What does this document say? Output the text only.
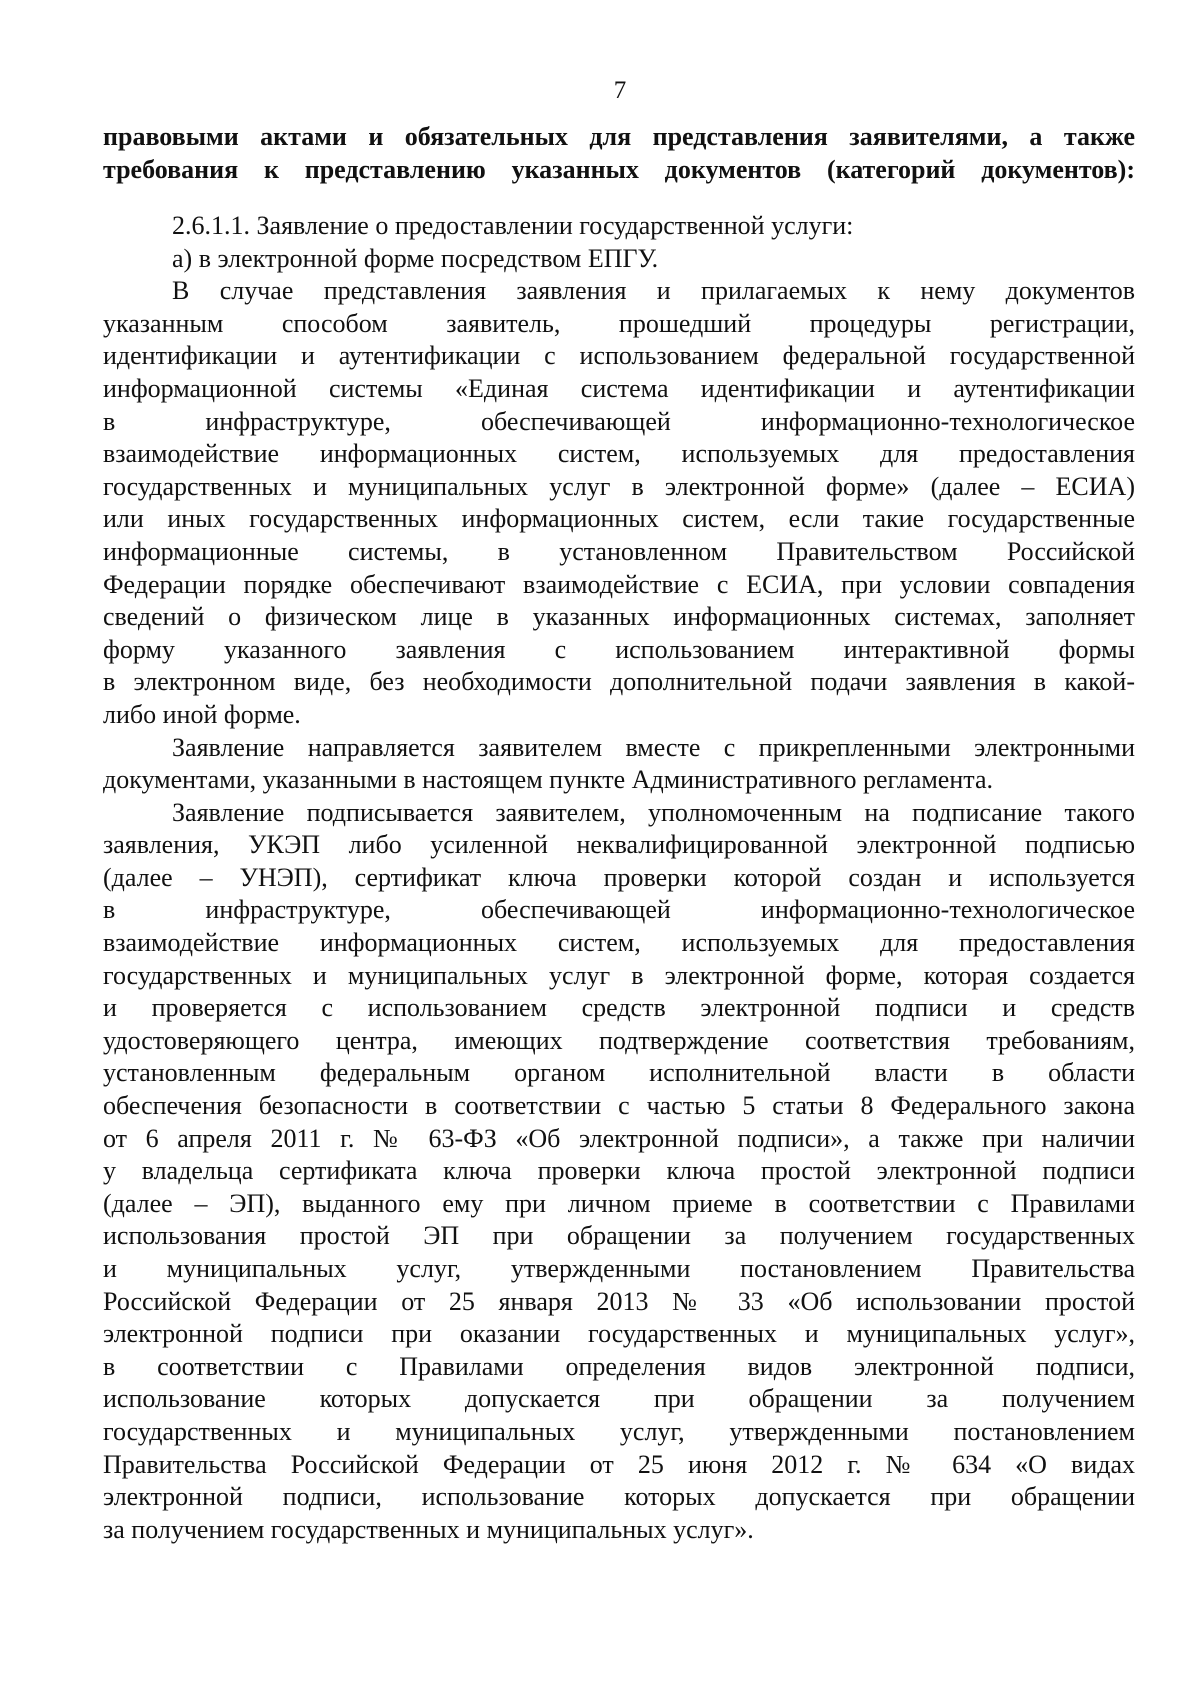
7
правовыми актами и обязательных для представления заявителями, а также
требования к представлению указанных документов (категорий документов):
2.6.1.1. Заявление о предоставлении государственной услуги:
а) в электронной форме посредством ЕПГУ.
В случае представления заявления и прилагаемых к нему документов
указанным способом заявитель, прошедший процедуры регистрации,
идентификации и аутентификации с использованием федеральной государственной
информационной системы «Единая система идентификации и аутентификации
в инфраструктуре, обеспечивающей информационно-технологическое
взаимодействие информационных систем, используемых для предоставления
государственных и муниципальных услуг в электронной форме» (далее – ЕСИА)
или иных государственных информационных систем, если такие государственные
информационные системы, в установленном Правительством Российской
Федерации порядке обеспечивают взаимодействие с ЕСИА, при условии совпадения
сведений о физическом лице в указанных информационных системах, заполняет
форму указанного заявления с использованием интерактивной формы
в электронном виде, без необходимости дополнительной подачи заявления в какой-
либо иной форме.
Заявление направляется заявителем вместе с прикрепленными электронными
документами, указанными в настоящем пункте Административного регламента.
Заявление подписывается заявителем, уполномоченным на подписание такого
заявления, УКЭП либо усиленной неквалифицированной электронной подписью
(далее – УНЭП), сертификат ключа проверки которой создан и используется
в инфраструктуре, обеспечивающей информационно-технологическое
взаимодействие информационных систем, используемых для предоставления
государственных и муниципальных услуг в электронной форме, которая создается
и проверяется с использованием средств электронной подписи и средств
удостоверяющего центра, имеющих подтверждение соответствия требованиям,
установленным федеральным органом исполнительной власти в области
обеспечения безопасности в соответствии с частью 5 статьи 8 Федерального закона
от 6 апреля 2011 г. № 63-ФЗ «Об электронной подписи», а также при наличии
у владельца сертификата ключа проверки ключа простой электронной подписи
(далее – ЭП), выданного ему при личном приеме в соответствии с Правилами
использования простой ЭП при обращении за получением государственных
и муниципальных услуг, утвержденными постановлением Правительства
Российской Федерации от 25 января 2013 № 33 «Об использовании простой
электронной подписи при оказании государственных и муниципальных услуг»,
в соответствии с Правилами определения видов электронной подписи,
использование которых допускается при обращении за получением
государственных и муниципальных услуг, утвержденными постановлением
Правительства Российской Федерации от 25 июня 2012 г. № 634 «О видах
электронной подписи, использование которых допускается при обращении
за получением государственных и муниципальных услуг».
